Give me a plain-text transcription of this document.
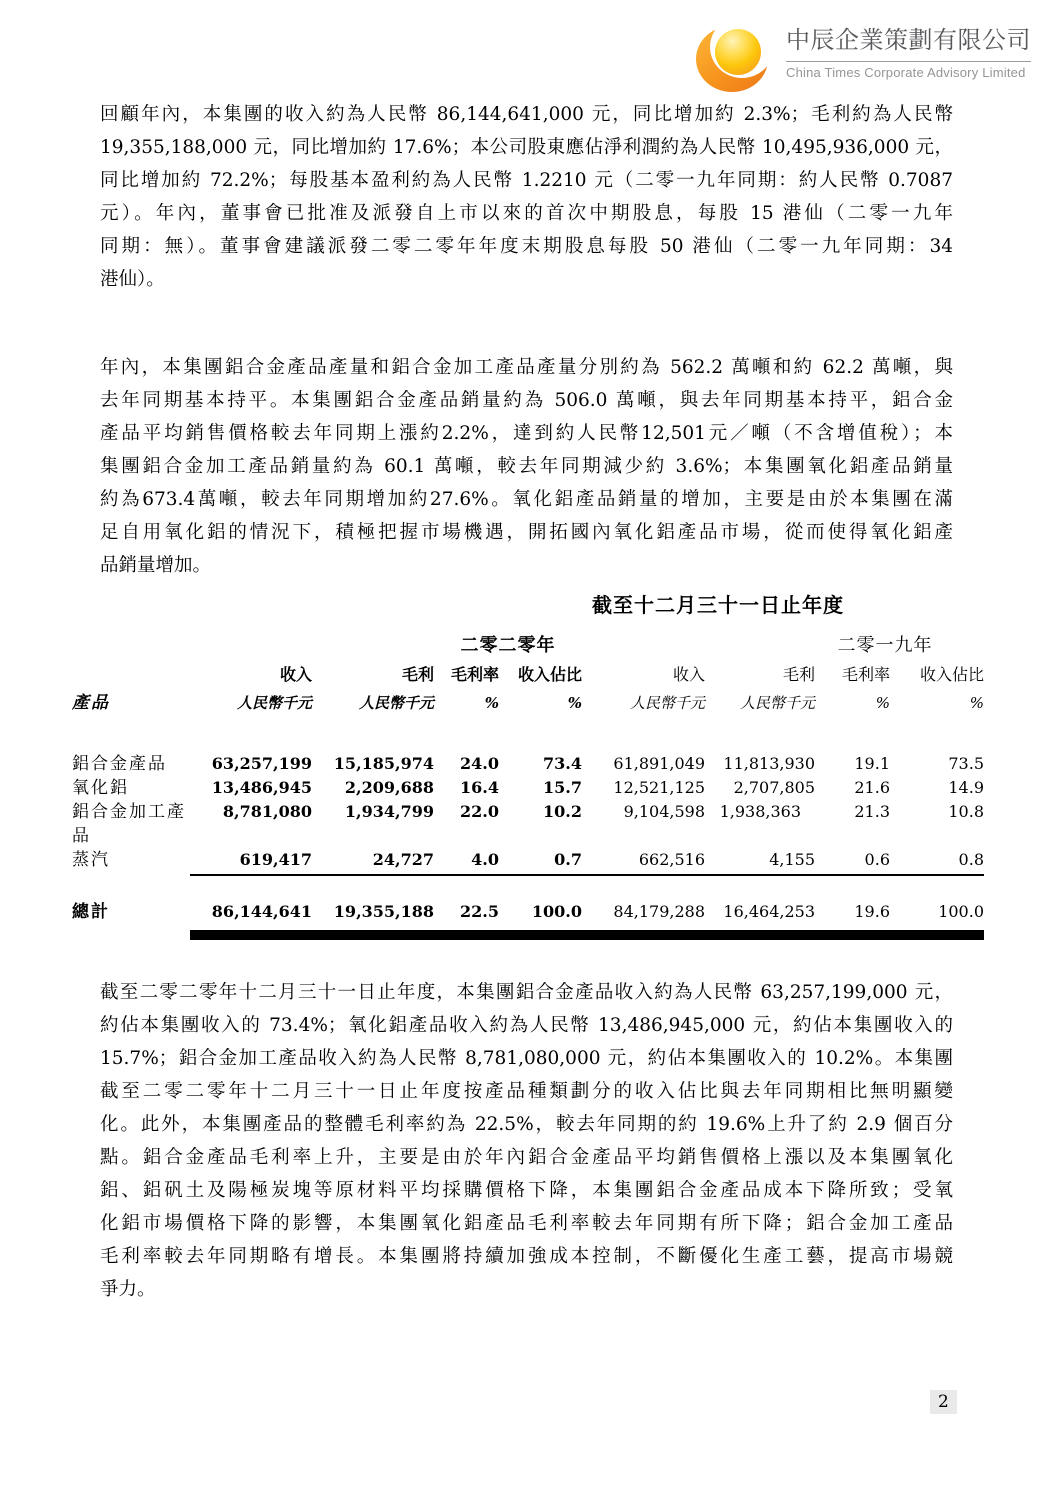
中辰企業策劃有限公司
China Times Corporate Advisory Limited
回顧年內，本集團的收入約為人民幣 86,144,641,000 元，同比增加約 2.3%；毛利約為人民幣
19,355,188,000 元，同比增加約 17.6%；本公司股東應佔淨利潤約為人民幣 10,495,936,000 元，
同比增加約 72.2%；每股基本盈利約為人民幣 1.2210 元（二零一九年同期：約人民幣 0.7087
元）。年內，董事會已批准及派發自上市以來的首次中期股息，每股 15 港仙（二零一九年
同期：無）。董事會建議派發二零二零年年度末期股息每股 50 港仙（二零一九年同期：34
港仙）。
年內，本集團鋁合金產品產量和鋁合金加工產品產量分別約為 562.2 萬噸和約 62.2 萬噸，與
去年同期基本持平。本集團鋁合金產品銷量約為 506.0 萬噸，與去年同期基本持平，鋁合金
產品平均銷售價格較去年同期上漲約2.2%，達到約人民幣12,501元／噸（不含增值稅）；本
集團鋁合金加工產品銷量約為 60.1 萬噸，較去年同期減少約 3.6%；本集團氧化鋁產品銷量
約為673.4萬噸，較去年同期增加約27.6%。氧化鋁產品銷量的增加，主要是由於本集團在滿
足自用氧化鋁的情況下，積極把握市場機遇，開拓國內氧化鋁產品市場，從而使得氧化鋁產
品銷量增加。
截至十二月三十一日止年度
二零二零年	二零一九年
收入	毛利	毛利率	收入佔比	收入	毛利	毛利率	收入佔比
產品	人民幣千元	人民幣千元	%	%	人民幣千元	人民幣千元	%	%
鋁合金產品	63,257,199	15,185,974	24.0	73.4	61,891,049	11,813,930	19.1	73.5
氧化鋁	13,486,945	2,209,688	16.4	15.7	12,521,125	2,707,805	21.6	14.9
鋁合金加工產品
8,781,080	1,934,799	22.0	10.2	9,104,598 1,938,363	21.3	10.8
蒸汽	619,417	24,727	4.0	0.7	662,516	4,155	0.6	0.8
總計	86,144,641	19,355,188	22.5	100.0	84,179,288	16,464,253	19.6	100.0
截至二零二零年十二月三十一日止年度，本集團鋁合金產品收入約為人民幣 63,257,199,000 元，
約佔本集團收入的 73.4%；氧化鋁產品收入約為人民幣 13,486,945,000 元，約佔本集團收入的
15.7%；鋁合金加工產品收入約為人民幣 8,781,080,000 元，約佔本集團收入的 10.2%。本集團
截至二零二零年十二月三十一日止年度按產品種類劃分的收入佔比與去年同期相比無明顯變
化。此外，本集團產品的整體毛利率約為 22.5%，較去年同期的約 19.6%上升了約 2.9 個百分
點。鋁合金產品毛利率上升，主要是由於年內鋁合金產品平均銷售價格上漲以及本集團氧化
鋁、鋁矾土及陽極炭塊等原材料平均採購價格下降，本集團鋁合金產品成本下降所致；受氧
化鋁市場價格下降的影響，本集團氧化鋁產品毛利率較去年同期有所下降；鋁合金加工產品
毛利率較去年同期略有增長。本集團將持續加強成本控制，不斷優化生產工藝，提高市場競
爭力。
2
